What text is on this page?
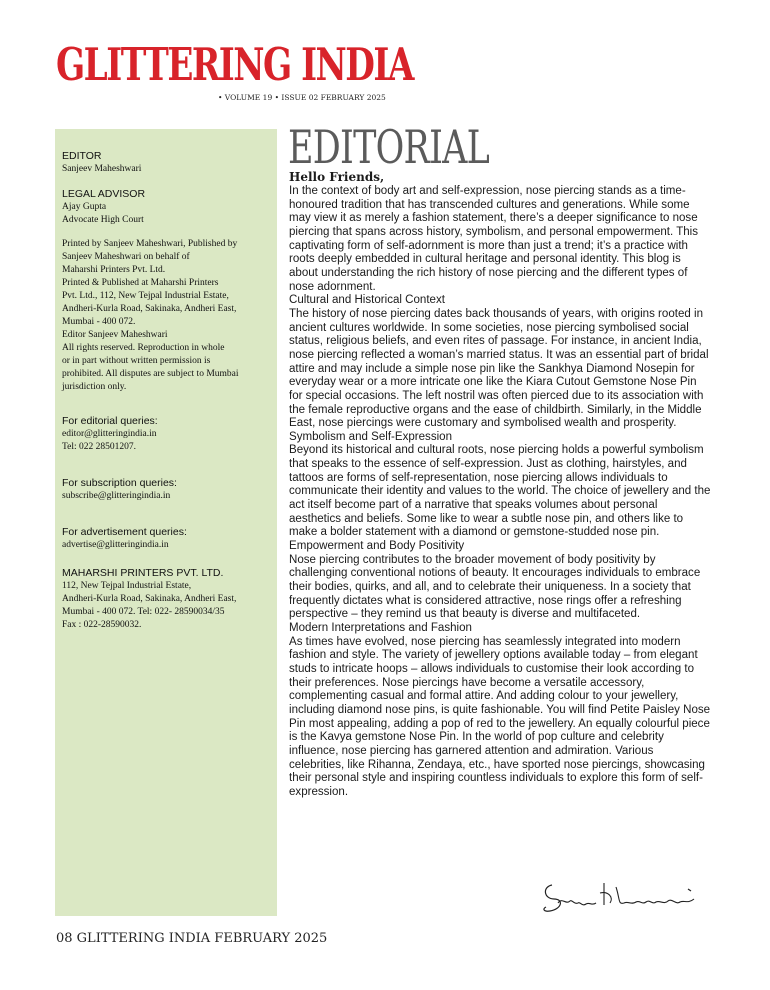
GLITTERING INDIA
• VOLUME 19 • ISSUE 02 FEBRUARY 2025

EDITOR

Sanjeev Maheshwari

LEGAL ADVISOR

Ajay Gupta

Advocate High Court

Printed by Sanjeev Maheshwari, Published by

Sanjeev Maheshwari on behalf of

Maharshi Printers Pvt. Ltd.

Printed & Published at Maharshi Printers

Pvt. Ltd., 112, New Tejpal Industrial Estate,

Andheri-Kurla Road, Sakinaka, Andheri East,

Mumbai - 400 072.

Editor Sanjeev Maheshwari

All rights reserved. Reproduction in whole

or in part without written permission is

prohibited. All disputes are subject to Mumbai

jurisdiction only.

For editorial queries:

editor@glitteringindia.in

Tel: 022 28501207.

For subscription queries:

subscribe@glitteringindia.in

For advertisement queries:

advertise@glitteringindia.in

MAHARSHI PRINTERS PVT. LTD.

112, New Tejpal Industrial Estate,

Andheri-Kurla Road, Sakinaka, Andheri East,

Mumbai - 400 072. Tel: 022- 28590034/35

Fax : 022-28590032.

EDITORIAL

Hello Friends,

In the context of body art and self-expression, nose piercing stands as a time-honoured tradition that has transcended cultures and generations. While some may view it as merely a fashion statement, there’s a deeper significance to nose piercing that spans across history, symbolism, and personal empowerment. This captivating form of self-adornment is more than just a trend; it’s a practice with roots deeply embedded in cultural heritage and personal identity. This blog is about understanding the rich history of nose piercing and the different types of nose adornment.

Cultural and Historical Context

The history of nose piercing dates back thousands of years, with origins rooted in ancient cultures worldwide. In some societies, nose piercing symbolised social status, religious beliefs, and even rites of passage. For instance, in ancient India, nose piercing reflected a woman’s married status. It was an essential part of bridal attire and may include a simple nose pin like the Sankhya Diamond Nosepin for everyday wear or a more intricate one like the Kiara Cutout Gemstone Nose Pin for special occasions. The left nostril was often pierced due to its association with the female reproductive organs and the ease of childbirth. Similarly, in the Middle East, nose piercings were customary and symbolised wealth and prosperity.

Symbolism and Self-Expression

Beyond its historical and cultural roots, nose piercing holds a powerful symbolism that speaks to the essence of self-expression. Just as clothing, hairstyles, and tattoos are forms of self-representation, nose piercing allows individuals to communicate their identity and values to the world. The choice of jewellery and the act itself become part of a narrative that speaks volumes about personal aesthetics and beliefs. Some like to wear a subtle nose pin, and others like to make a bolder statement with a diamond or gemstone-studded nose pin.

Empowerment and Body Positivity

Nose piercing contributes to the broader movement of body positivity by challenging conventional notions of beauty. It encourages individuals to embrace their bodies, quirks, and all, and to celebrate their uniqueness. In a society that frequently dictates what is considered attractive, nose rings offer a refreshing perspective – they remind us that beauty is diverse and multifaceted.

Modern Interpretations and Fashion

As times have evolved, nose piercing has seamlessly integrated into modern fashion and style. The variety of jewellery options available today – from elegant studs to intricate hoops – allows individuals to customise their look according to their preferences. Nose piercings have become a versatile accessory, complementing casual and formal attire. And adding colour to your jewellery, including diamond nose pins, is quite fashionable. You will find Petite Paisley Nose Pin most appealing, adding a pop of red to the jewellery. An equally colourful piece is the Kavya gemstone Nose Pin. In the world of pop culture and celebrity influence, nose piercing has garnered attention and admiration. Various celebrities, like Rihanna, Zendaya, etc., have sported nose piercings, showcasing their personal style and inspiring countless individuals to explore this form of self-expression.

08 GLITTERING INDIA FEBRUARY 2025
